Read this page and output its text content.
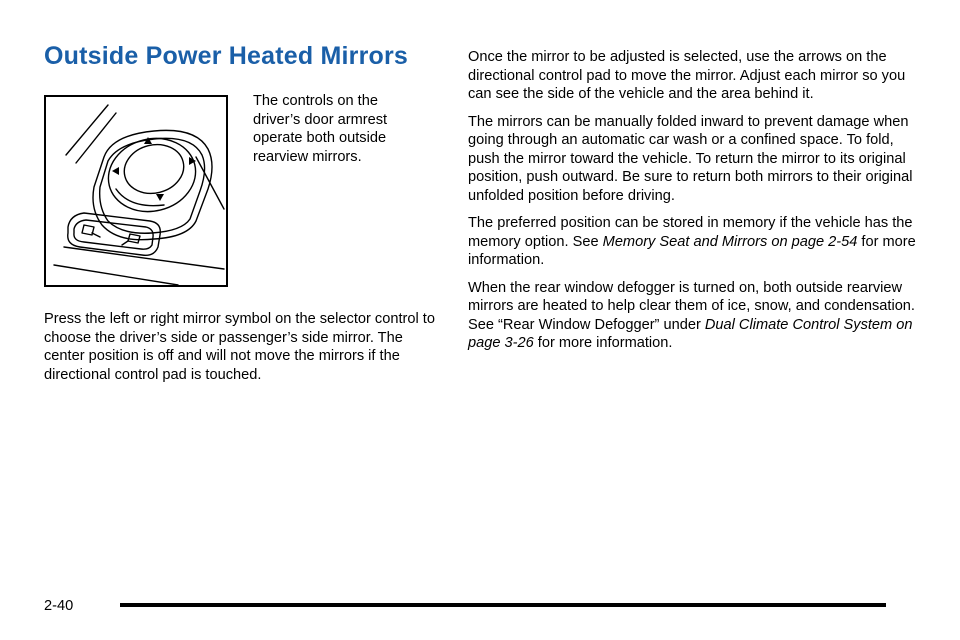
Outside Power Heated Mirrors

The controls on the driver’s door armrest operate both outside rearview mirrors.

Press the left or right mirror symbol on the selector control to choose the driver’s side or passenger’s side mirror. The center position is off and will not move the mirrors if the directional control pad is touched.

Once the mirror to be adjusted is selected, use the arrows on the directional control pad to move the mirror. Adjust each mirror so you can see the side of the vehicle and the area behind it.

The mirrors can be manually folded inward to prevent damage when going through an automatic car wash or a confined space. To fold, push the mirror toward the vehicle. To return the mirror to its original position, push outward. Be sure to return both mirrors to their original unfolded position before driving.

The preferred position can be stored in memory if the vehicle has the memory option. See Memory Seat and Mirrors on page 2-54 for more information.

When the rear window defogger is turned on, both outside rearview mirrors are heated to help clear them of ice, snow, and condensation. See “Rear Window Defogger” under Dual Climate Control System on page 3-26 for more information.

2-40
